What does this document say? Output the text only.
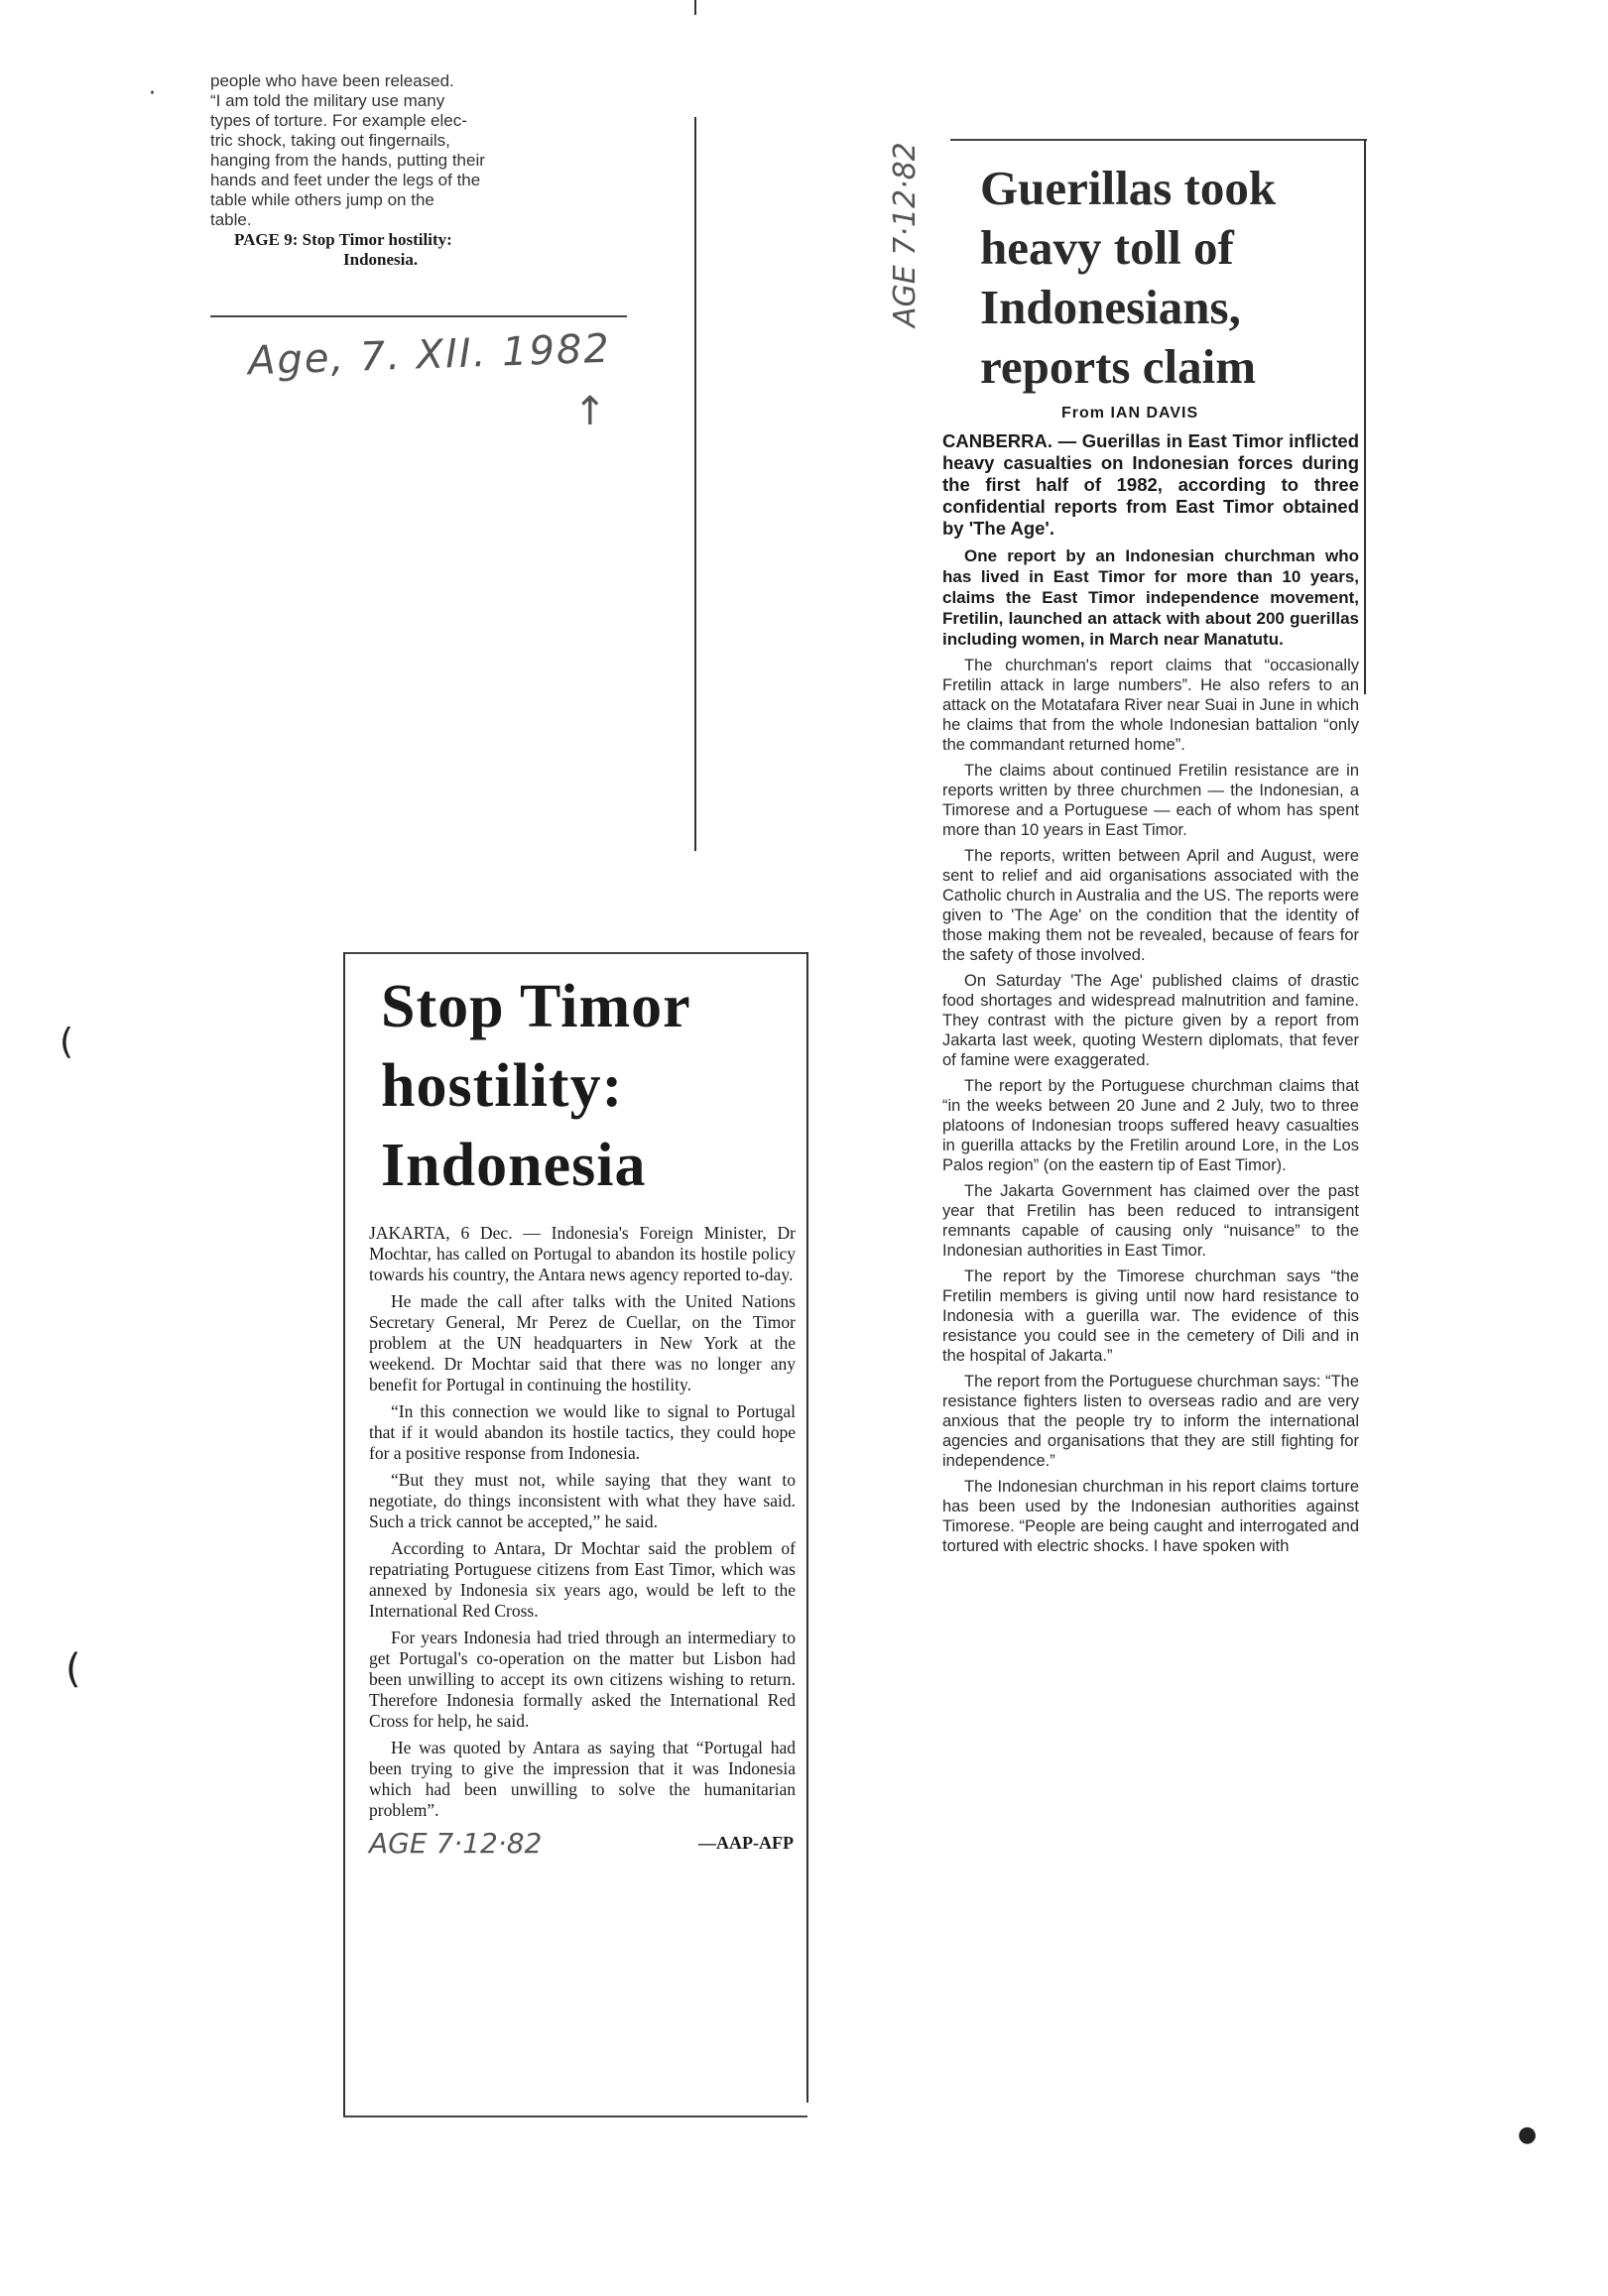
people who have been released.
“I am told the military use many
types of torture. For example elec-
tric shock, taking out fingernails,
hanging from the hands, putting their
hands and feet under the legs of the
table while others jump on the
table.
PAGE 9: Stop Timor hostility:
Indonesia.
Age, 7. XII. 1982
↑
Stop Timor
hostility:
Indonesia

JAKARTA, 6 Dec. — Indonesia's Foreign Minister, Dr Mochtar, has called on Portugal to abandon its hostile policy towards his country, the Antara news agency reported to-day.

He made the call after talks with the United Nations Secretary General, Mr Perez de Cuellar, on the Timor problem at the UN headquarters in New York at the weekend. Dr Mochtar said that there was no longer any benefit for Portugal in continuing the hostility.

“In this connection we would like to signal to Portugal that if it would abandon its hostile tactics, they could hope for a positive response from Indonesia.

“But they must not, while saying that they want to negotiate, do things inconsistent with what they have said. Such a trick cannot be accepted,” he said.

According to Antara, Dr Mochtar said the problem of repatriating Portuguese citizens from East Timor, which was annexed by Indonesia six years ago, would be left to the International Red Cross.

For years Indonesia had tried through an intermediary to get Portugal's co-operation on the matter but Lisbon had been unwilling to accept its own citizens wishing to return. Therefore Indonesia formally asked the International Red Cross for help, he said.

He was quoted by Antara as saying that “Portugal had been trying to give the impression that it was Indonesia which had been unwilling to solve the humanitarian problem”.

AGE 7·12·82	—AAP-AFP
AGE 7·12·82 Guerillas took
heavy toll of
Indonesians,
reports claim
From IAN DAVIS

CANBERRA. — Guerillas in East Timor inflicted heavy casualties on Indonesian forces during the first half of 1982, according to three confidential reports from East Timor obtained by 'The Age'.

One report by an Indonesian churchman who has lived in East Timor for more than 10 years, claims the East Timor independence movement, Fretilin, launched an attack with about 200 guerillas including women, in March near Manatutu.

The churchman's report claims that “occasionally Fretilin attack in large numbers”. He also refers to an attack on the Motatafara River near Suai in June in which he claims that from the whole Indonesian battalion “only the commandant returned home”.

The claims about continued Fretilin resistance are in reports written by three churchmen — the Indonesian, a Timorese and a Portuguese — each of whom has spent more than 10 years in East Timor.

The reports, written between April and August, were sent to relief and aid organisations associated with the Catholic church in Australia and the US. The reports were given to 'The Age' on the condition that the identity of those making them not be revealed, because of fears for the safety of those involved.

On Saturday 'The Age' published claims of drastic food shortages and widespread malnutrition and famine. They contrast with the picture given by a report from Jakarta last week, quoting Western diplomats, that fever of famine were exaggerated.

The report by the Portuguese churchman claims that “in the weeks between 20 June and 2 July, two to three platoons of Indonesian troops suffered heavy casualties in guerilla attacks by the Fretilin around Lore, in the Los Palos region” (on the eastern tip of East Timor).

The Jakarta Government has claimed over the past year that Fretilin has been reduced to intransigent remnants capable of causing only “nuisance” to the Indonesian authorities in East Timor.

The report by the Timorese churchman says “the Fretilin members is giving until now hard resistance to Indonesia with a guerilla war. The evidence of this resistance you could see in the cemetery of Dili and in the hospital of Jakarta.”

The report from the Portuguese churchman says: “The resistance fighters listen to overseas radio and are very anxious that the people try to inform the international agencies and organisations that they are still fighting for independence.”

The Indonesian churchman in his report claims torture has been used by the Indonesian authorities against Timorese. “People are being caught and interrogated and tortured with electric shocks. I have spoken with

(
(
·
●
